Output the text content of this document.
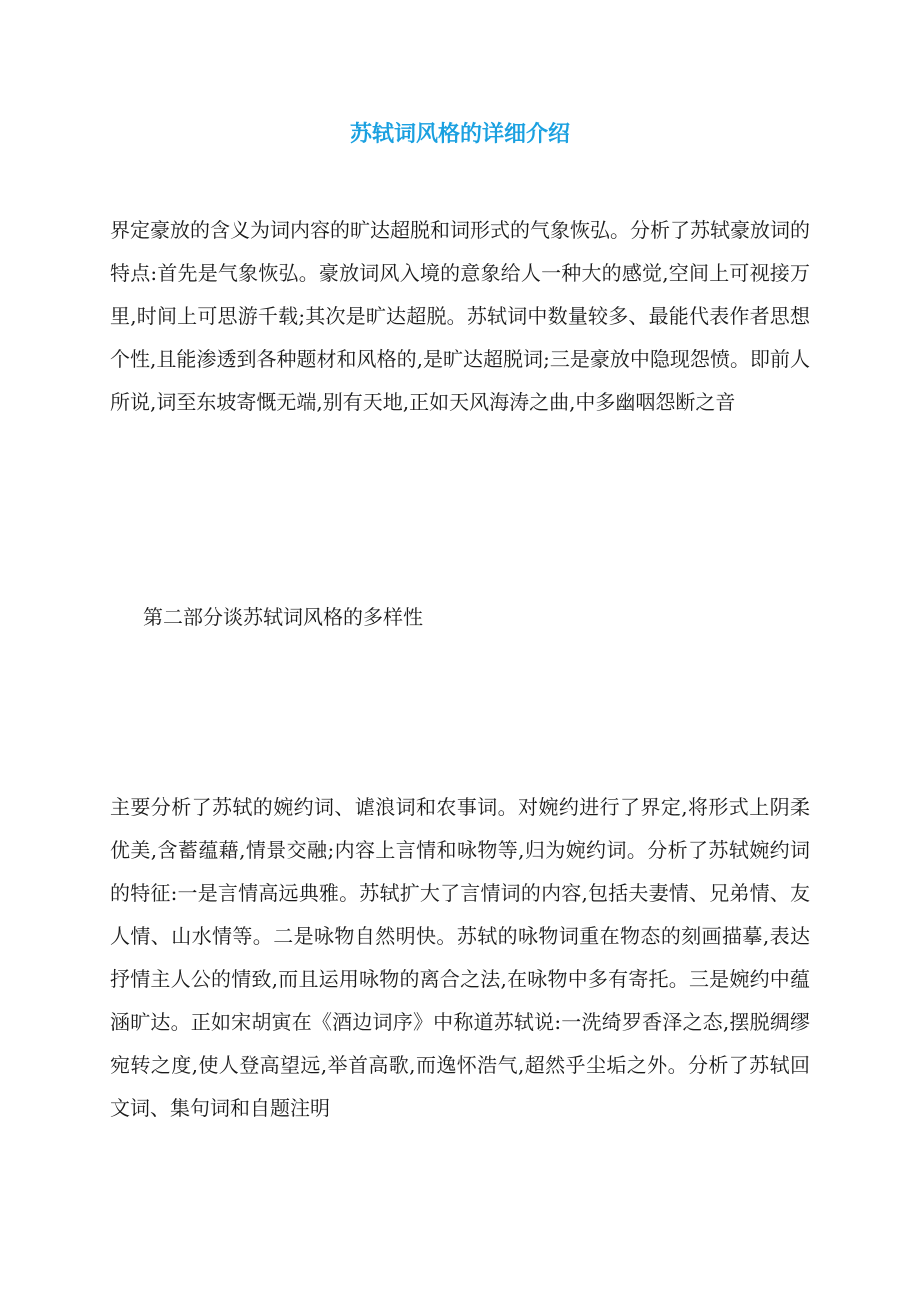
苏轼词风格的详细介绍

界定豪放的含义为词内容的旷达超脱和词形式的气象恢弘。分析了苏轼豪放词的特点:首先是气象恢弘。豪放词风入境的意象给人一种大的感觉,空间上可视接万里,时间上可思游千载;其次是旷达超脱。苏轼词中数量较多、最能代表作者思想个性,且能渗透到各种题材和风格的,是旷达超脱词;三是豪放中隐现怨愤。即前人所说,词至东坡寄慨无端,别有天地,正如天风海涛之曲,中多幽咽怨断之音

第二部分谈苏轼词风格的多样性

主要分析了苏轼的婉约词、谑浪词和农事词。对婉约进行了界定,将形式上阴柔优美,含蓄蕴藉,情景交融;内容上言情和咏物等,归为婉约词。分析了苏轼婉约词的特征:一是言情高远典雅。苏轼扩大了言情词的内容,包括夫妻情、兄弟情、友人情、山水情等。二是咏物自然明快。苏轼的咏物词重在物态的刻画描摹,表达抒情主人公的情致,而且运用咏物的离合之法,在咏物中多有寄托。三是婉约中蕴涵旷达。正如宋胡寅在《酒边词序》中称道苏轼说:一洗绮罗香泽之态,摆脱绸缪宛转之度,使人登高望远,举首高歌,而逸怀浩气,超然乎尘垢之外。分析了苏轼回文词、集句词和自题注明
